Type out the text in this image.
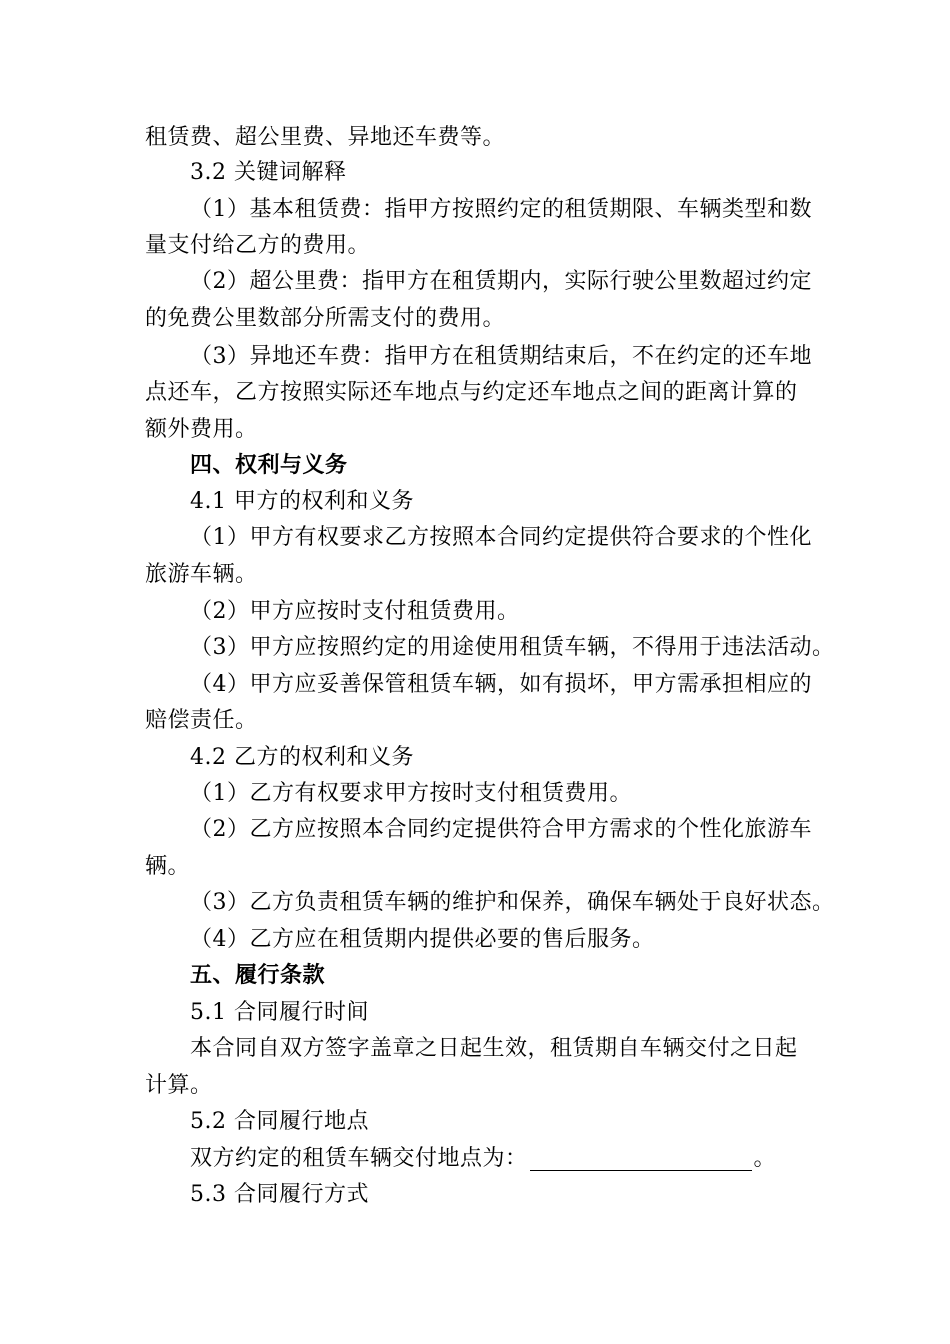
租赁费、超公里费、异地还车费等。
3.2 关键词解释
（1）基本租赁费：指甲方按照约定的租赁期限、车辆类型和数
量支付给乙方的费用。
（2）超公里费：指甲方在租赁期内，实际行驶公里数超过约定
的免费公里数部分所需支付的费用。
（3）异地还车费：指甲方在租赁期结束后，不在约定的还车地
点还车，乙方按照实际还车地点与约定还车地点之间的距离计算的
额外费用。
四、权利与义务
4.1 甲方的权利和义务
（1）甲方有权要求乙方按照本合同约定提供符合要求的个性化
旅游车辆。
（2）甲方应按时支付租赁费用。
（3）甲方应按照约定的用途使用租赁车辆，不得用于违法活动。
（4）甲方应妥善保管租赁车辆，如有损坏，甲方需承担相应的
赔偿责任。
4.2 乙方的权利和义务
（1）乙方有权要求甲方按时支付租赁费用。
（2）乙方应按照本合同约定提供符合甲方需求的个性化旅游车
辆。
（3）乙方负责租赁车辆的维护和保养，确保车辆处于良好状态。
（4）乙方应在租赁期内提供必要的售后服务。
五、履行条款
5.1 合同履行时间
本合同自双方签字盖章之日起生效，租赁期自车辆交付之日起
计算。
5.2 合同履行地点
双方约定的租赁车辆交付地点为：	。
5.3 合同履行方式
